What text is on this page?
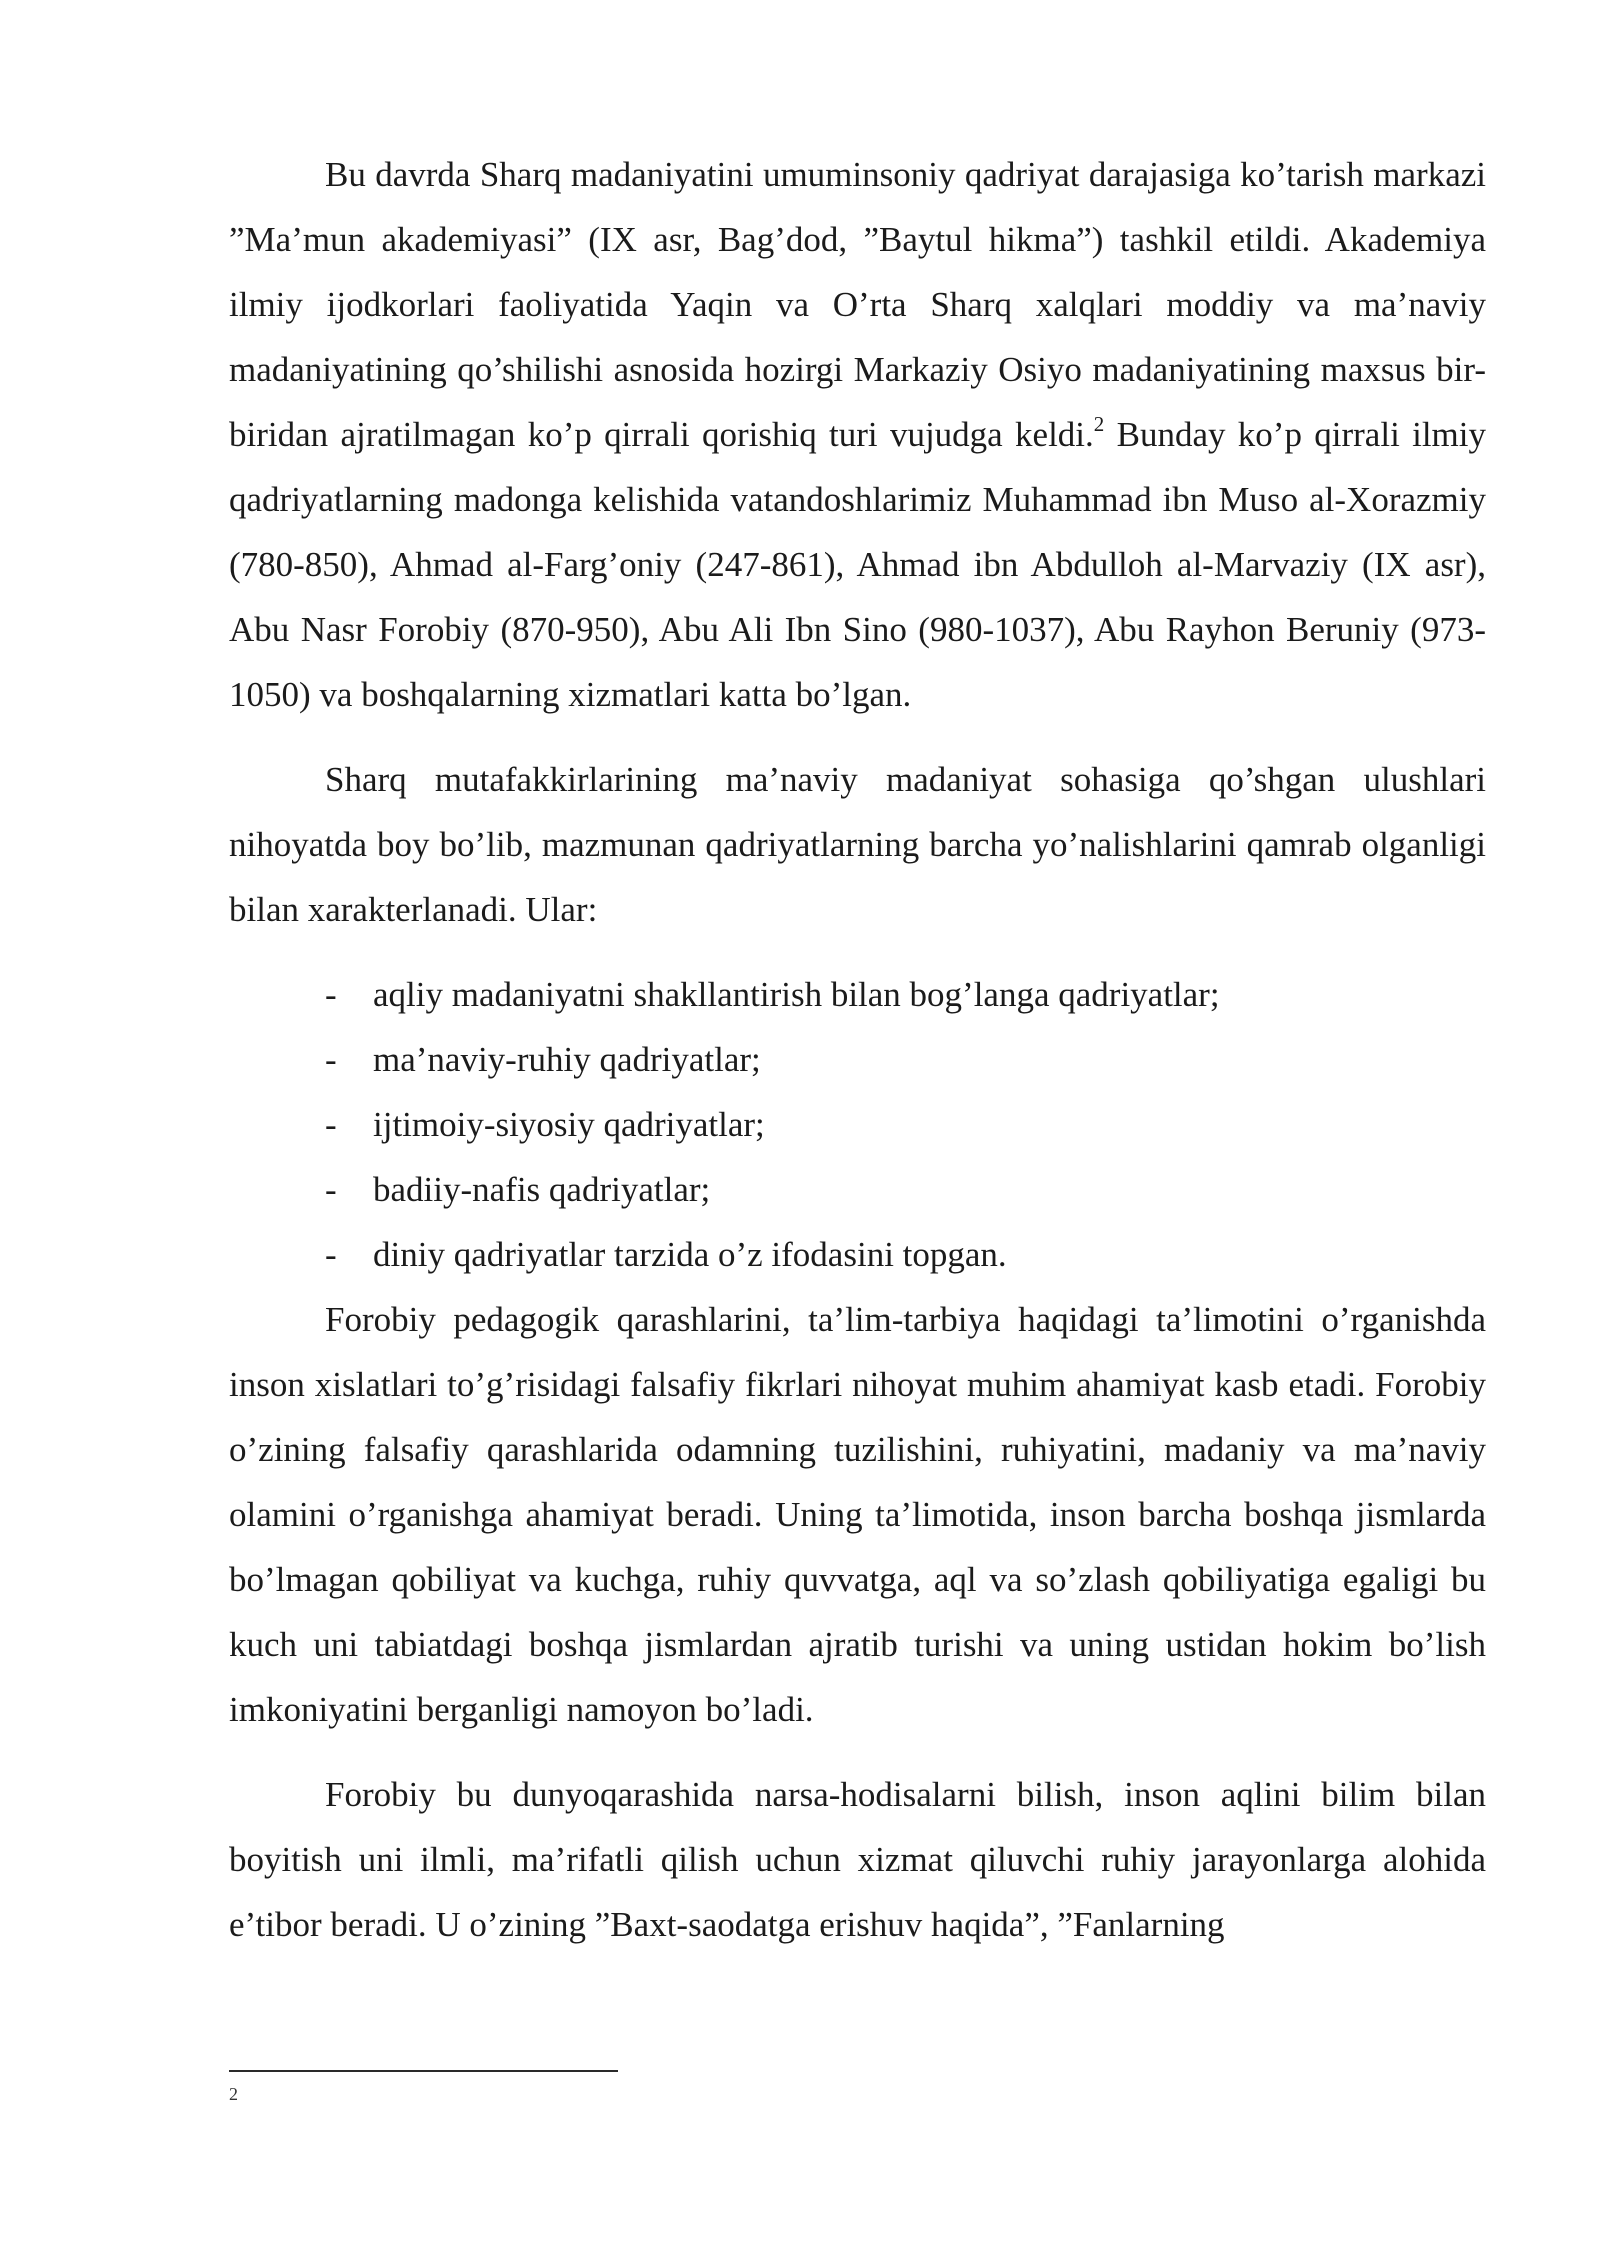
Bu davrda Sharq madaniyatini umuminsoniy qadriyat darajasiga ko’tarish markazi ”Ma’mun akademiyasi” (IX asr, Bag’dod, ”Baytul hikma”) tashkil etildi. Akademiya ilmiy ijodkorlari faoliyatida Yaqin va O’rta Sharq xalqlari moddiy va ma’naviy madaniyatining qo’shilishi asnosida hozirgi Markaziy Osiyo madaniyatining maxsus bir-biridan ajratilmagan ko’p qirrali qorishiq turi vujudga keldi.$^2$ Bunday ko’p qirrali ilmiy qadriyatlarning madonga kelishida vatandoshlarimiz Muhammad ibn Muso al-Xorazmiy (780-850), Ahmad al-Farg’oniy (247-861), Ahmad ibn Abdulloh al-Marvaziy (IX asr), Abu Nasr Forobiy (870-950), Abu Ali Ibn Sino (980-1037), Abu Rayhon Beruniy (973-1050) va boshqalarning xizmatlari katta bo’lgan.

Sharq mutafakkirlarining ma’naviy madaniyat sohasiga qo’shgan ulushlari nihoyatda boy bo’lib, mazmunan qadriyatlarning barcha yo’nalishlarini qamrab olganligi bilan xarakterlanadi. Ular:

- aqliy madaniyatni shakllantirish bilan bog’langa qadriyatlar;
- ma’naviy-ruhiy qadriyatlar;
- ijtimoiy-siyosiy qadriyatlar;
- badiiy-nafis qadriyatlar;
- diniy qadriyatlar tarzida o’z ifodasini topgan.

Forobiy pedagogik qarashlarini, ta’lim-tarbiya haqidagi ta’limotini o’rganishda inson xislatlari to’g’risidagi falsafiy fikrlari nihoyat muhim ahamiyat kasb etadi. Forobiy o’zining falsafiy qarashlarida odamning tuzilishini, ruhiyatini, madaniy va ma’naviy olamini o’rganishga ahamiyat beradi. Uning ta’limotida, inson barcha boshqa jismlarda bo’lmagan qobiliyat va kuchga, ruhiy quvvatga, aql va so’zlash qobiliyatiga egaligi bu kuch uni tabiatdagi boshqa jismlardan ajratib turishi va uning ustidan hokim bo’lish imkoniyatini berganligi namoyon bo’ladi.

Forobiy bu dunyoqarashida narsa-hodisalarni bilish, inson aqlini bilim bilan boyitish uni ilmli, ma’rifatli qilish uchun xizmat qiluvchi ruhiy jarayonlarga alohida e’tibor beradi. U o’zining ”Baxt-saodatga erishuv haqida”, ”Fanlarning

2
